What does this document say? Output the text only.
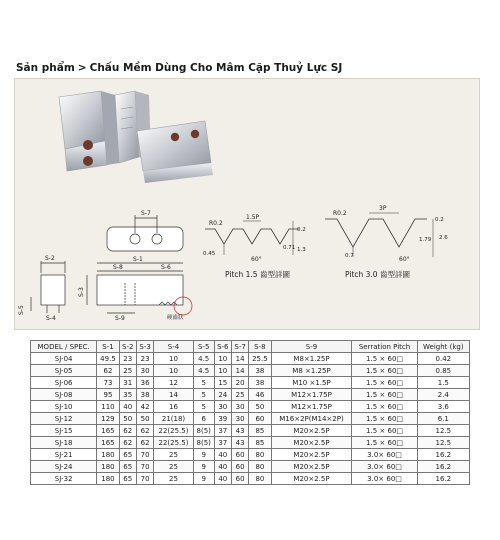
Sản phẩm > Chấu Mềm Dùng Cho Mâm Cặp Thuỷ Lực SJ
S-7
S-2
S-4
S-5
S-1
S-8	S-6
S-3
S-9	硬齒狀
R0.2
1.5P
0.2
0.45
0.71 1.3
60°
Pitch 1.5 齒型詳圖
R0.2
3P
0.2
0.7
1.79 2.6
60°
Pitch 3.0 齒型詳圖
MODEL / SPEC.	S-1	S-2	S-3	S-4	S-5	S-6	S-7	S-8	S-9	Serration Pitch	Weight (kg)
SJ-04	49.5	23	23	10	4.5	10	14	25.5	M8×1.25P	1.5 × 60□	0.42
SJ-05	62	25	30	10	4.5	10	14	38	M8 ×1.25P	1.5 × 60□	0.85
SJ-06	73	31	36	12	5	15	20	38	M10 ×1.5P	1.5 × 60□	1.5
SJ-08	95	35	38	14	5	24	25	46	M12×1.75P	1.5 × 60□	2.4
SJ-10	110	40	42	16	5	30	30	50	M12×1.75P	1.5 × 60□	3.6
SJ-12	129	50	50	21(18)	6	39	30	60	M16×2P(M14×2P)	1.5 × 60□	6.1
SJ-15	165	62	62	22(25.5)	8(5)	37	43	85	M20×2.5P	1.5 × 60□	12.5
SJ-18	165	62	62	22(25.5)	8(5)	37	43	85	M20×2.5P	1.5 × 60□	12.5
SJ-21	180	65	70	25	9	40	60	80	M20×2.5P	3.0× 60□	16.2
SJ-24	180	65	70	25	9	40	60	80	M20×2.5P	3.0× 60□	16.2
SJ-32	180	65	70	25	9	40	60	80	M20×2.5P	3.0× 60□	16.2
